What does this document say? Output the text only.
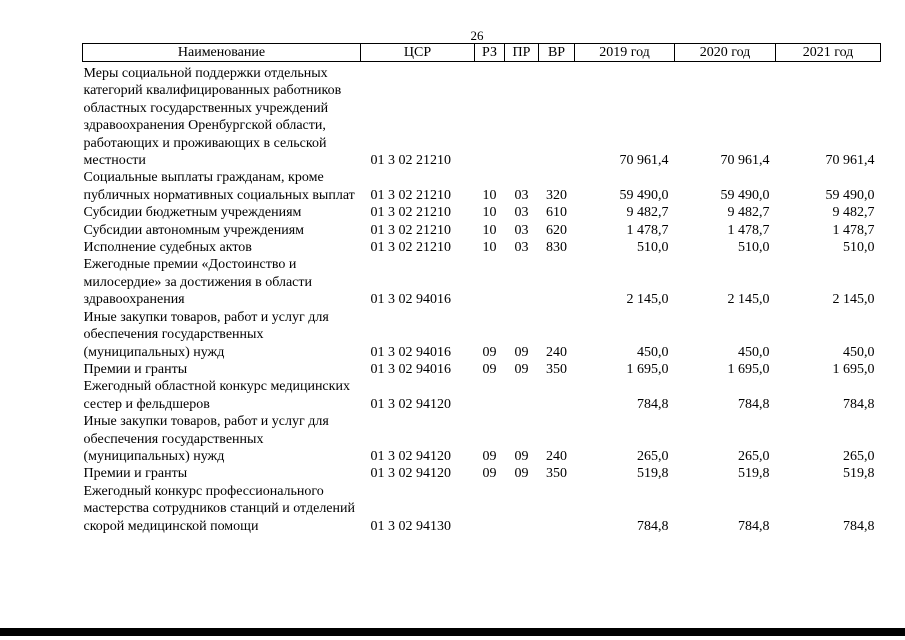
26
Наименование	ЦСР	РЗ	ПР	ВР	2019 год	2020 год	2021 год
Меры социальной поддержки отдельных категорий квалифицированных работников областных государственных учреждений здравоохранения Оренбургской области, работающих и проживающих в сельской местности	01 3 02 21210				70 961,4	70 961,4	70 961,4
Социальные выплаты гражданам, кроме публичных нормативных социальных выплат	01 3 02 21210	10	03	320	59 490,0	59 490,0	59 490,0
Субсидии бюджетным учреждениям	01 3 02 21210	10	03	610	9 482,7	9 482,7	9 482,7
Субсидии автономным учреждениям	01 3 02 21210	10	03	620	1 478,7	1 478,7	1 478,7
Исполнение судебных актов	01 3 02 21210	10	03	830	510,0	510,0	510,0
Ежегодные премии «Достоинство и милосердие» за достижения в области здравоохранения	01 3 02 94016				2 145,0	2 145,0	2 145,0
Иные закупки товаров, работ и услуг для обеспечения государственных (муниципальных) нужд	01 3 02 94016	09	09	240	450,0	450,0	450,0
Премии и гранты	01 3 02 94016	09	09	350	1 695,0	1 695,0	1 695,0
Ежегодный областной конкурс медицинских сестер и фельдшеров	01 3 02 94120				784,8	784,8	784,8
Иные закупки товаров, работ и услуг для обеспечения государственных (муниципальных) нужд	01 3 02 94120	09	09	240	265,0	265,0	265,0
Премии и гранты	01 3 02 94120	09	09	350	519,8	519,8	519,8
Ежегодный конкурс профессионального мастерства сотрудников станций и отделений скорой медицинской помощи	01 3 02 94130				784,8	784,8	784,8
